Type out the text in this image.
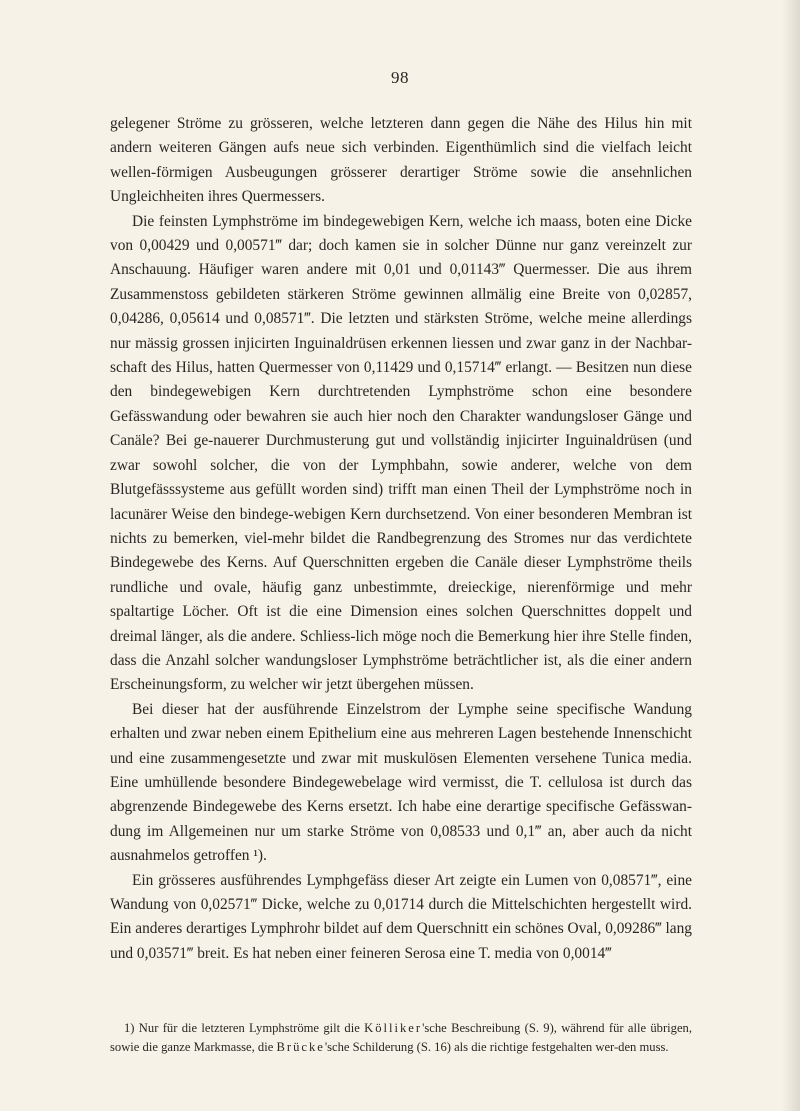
98

gelegener Ströme zu grösseren, welche letzteren dann gegen die Nähe des Hilus hin mit andern weiteren Gängen aufs neue sich verbinden. Eigenthümlich sind die vielfach leicht wellen-förmigen Ausbeugungen grösserer derartiger Ströme sowie die ansehnlichen Ungleichheiten ihres Quermessers.

Die feinsten Lymphströme im bindegewebigen Kern, welche ich maass, boten eine Dicke von 0,00429 und 0,00571‴ dar; doch kamen sie in solcher Dünne nur ganz vereinzelt zur Anschauung. Häufiger waren andere mit 0,01 und 0,01143‴ Quermesser. Die aus ihrem Zusammenstoss gebildeten stärkeren Ströme gewinnen allmälig eine Breite von 0,02857, 0,04286, 0,05614 und 0,08571‴. Die letzten und stärksten Ströme, welche meine allerdings nur mässig grossen injicirten Inguinaldrüsen erkennen liessen und zwar ganz in der Nachbar-schaft des Hilus, hatten Quermesser von 0,11429 und 0,15714‴ erlangt. — Besitzen nun diese den bindegewebigen Kern durchtretenden Lymphströme schon eine besondere Gefässwandung oder bewahren sie auch hier noch den Charakter wandungsloser Gänge und Canäle? Bei ge-nauerer Durchmusterung gut und vollständig injicirter Inguinaldrüsen (und zwar sowohl solcher, die von der Lymphbahn, sowie anderer, welche von dem Blutgefässsysteme aus gefüllt worden sind) trifft man einen Theil der Lymphströme noch in lacunärer Weise den bindege-webigen Kern durchsetzend. Von einer besonderen Membran ist nichts zu bemerken, viel-mehr bildet die Randbegrenzung des Stromes nur das verdichtete Bindegewebe des Kerns. Auf Querschnitten ergeben die Canäle dieser Lymphströme theils rundliche und ovale, häufig ganz unbestimmte, dreieckige, nierenförmige und mehr spaltartige Löcher. Oft ist die eine Dimension eines solchen Querschnittes doppelt und dreimal länger, als die andere. Schliess-lich möge noch die Bemerkung hier ihre Stelle finden, dass die Anzahl solcher wandungsloser Lymphströme beträchtlicher ist, als die einer andern Erscheinungsform, zu welcher wir jetzt übergehen müssen.

Bei dieser hat der ausführende Einzelstrom der Lymphe seine specifische Wandung erhalten und zwar neben einem Epithelium eine aus mehreren Lagen bestehende Innenschicht und eine zusammengesetzte und zwar mit muskulösen Elementen versehene Tunica media. Eine umhüllende besondere Bindegewebelage wird vermisst, die T. cellulosa ist durch das abgrenzende Bindegewebe des Kerns ersetzt. Ich habe eine derartige specifische Gefässwan-dung im Allgemeinen nur um starke Ströme von 0,08533 und 0,1‴ an, aber auch da nicht ausnahmelos getroffen ¹).

Ein grösseres ausführendes Lymphgefäss dieser Art zeigte ein Lumen von 0,08571‴, eine Wandung von 0,02571‴ Dicke, welche zu 0,01714 durch die Mittelschichten hergestellt wird. Ein anderes derartiges Lymphrohr bildet auf dem Querschnitt ein schönes Oval, 0,09286‴ lang und 0,03571‴ breit. Es hat neben einer feineren Serosa eine T. media von 0,0014‴

1) Nur für die letzteren Lymphströme gilt die Kölliker'sche Beschreibung (S. 9), während für alle übrigen, sowie die ganze Markmasse, die Brücke'sche Schilderung (S. 16) als die richtige festgehalten wer-den muss.
